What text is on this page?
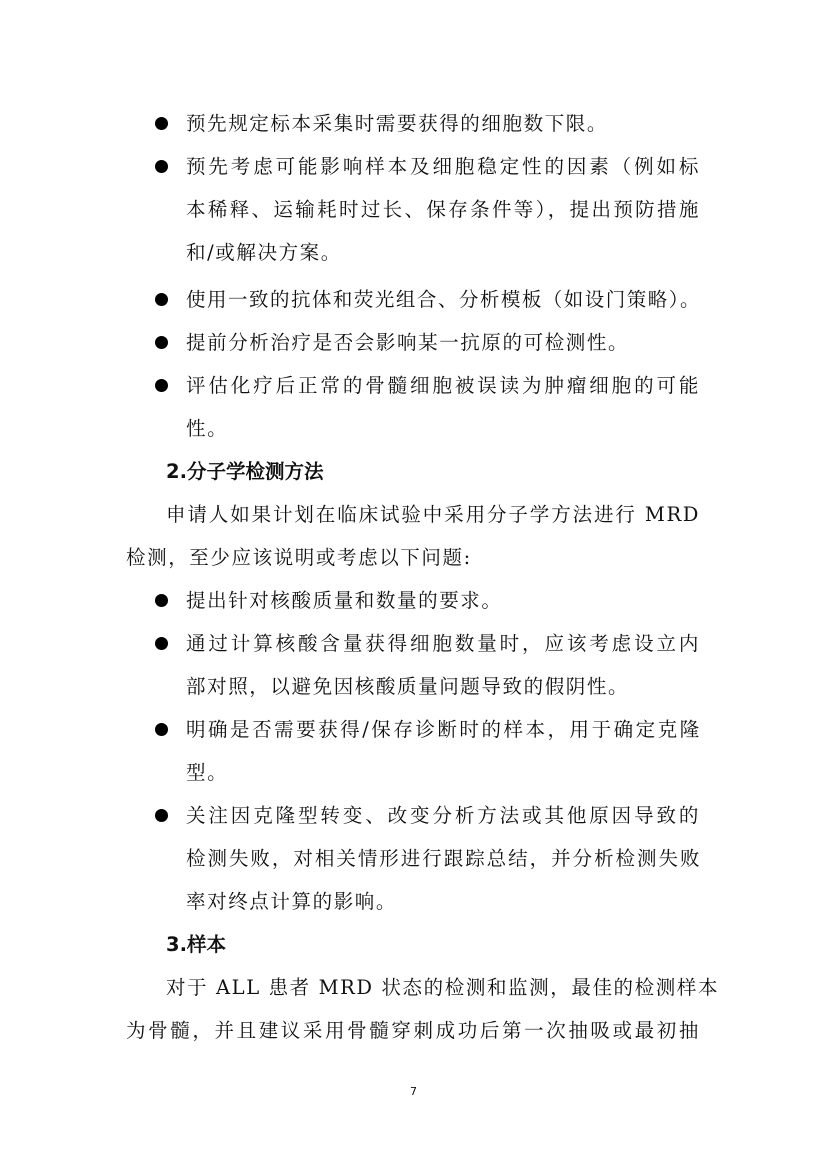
预先规定标本采集时需要获得的细胞数下限。
预先考虑可能影响样本及细胞稳定性的因素（例如标
本稀释、运输耗时过长、保存条件等），提出预防措施
和/或解决方案。
使用一致的抗体和荧光组合、分析模板（如设门策略）。
提前分析治疗是否会影响某一抗原的可检测性。
评估化疗后正常的骨髓细胞被误读为肿瘤细胞的可能
性。
2.分子学检测方法
申请人如果计划在临床试验中采用分子学方法进行 MRD
检测，至少应该说明或考虑以下问题:
提出针对核酸质量和数量的要求。
通过计算核酸含量获得细胞数量时，应该考虑设立内
部对照，以避免因核酸质量问题导致的假阴性。
明确是否需要获得/保存诊断时的样本，用于确定克隆
型。
关注因克隆型转变、改变分析方法或其他原因导致的
检测失败，对相关情形进行跟踪总结，并分析检测失败
率对终点计算的影响。
3.样本
对于 ALL 患者 MRD 状态的检测和监测，最佳的检测样本
为骨髓，并且建议采用骨髓穿刺成功后第一次抽吸或最初抽
7
